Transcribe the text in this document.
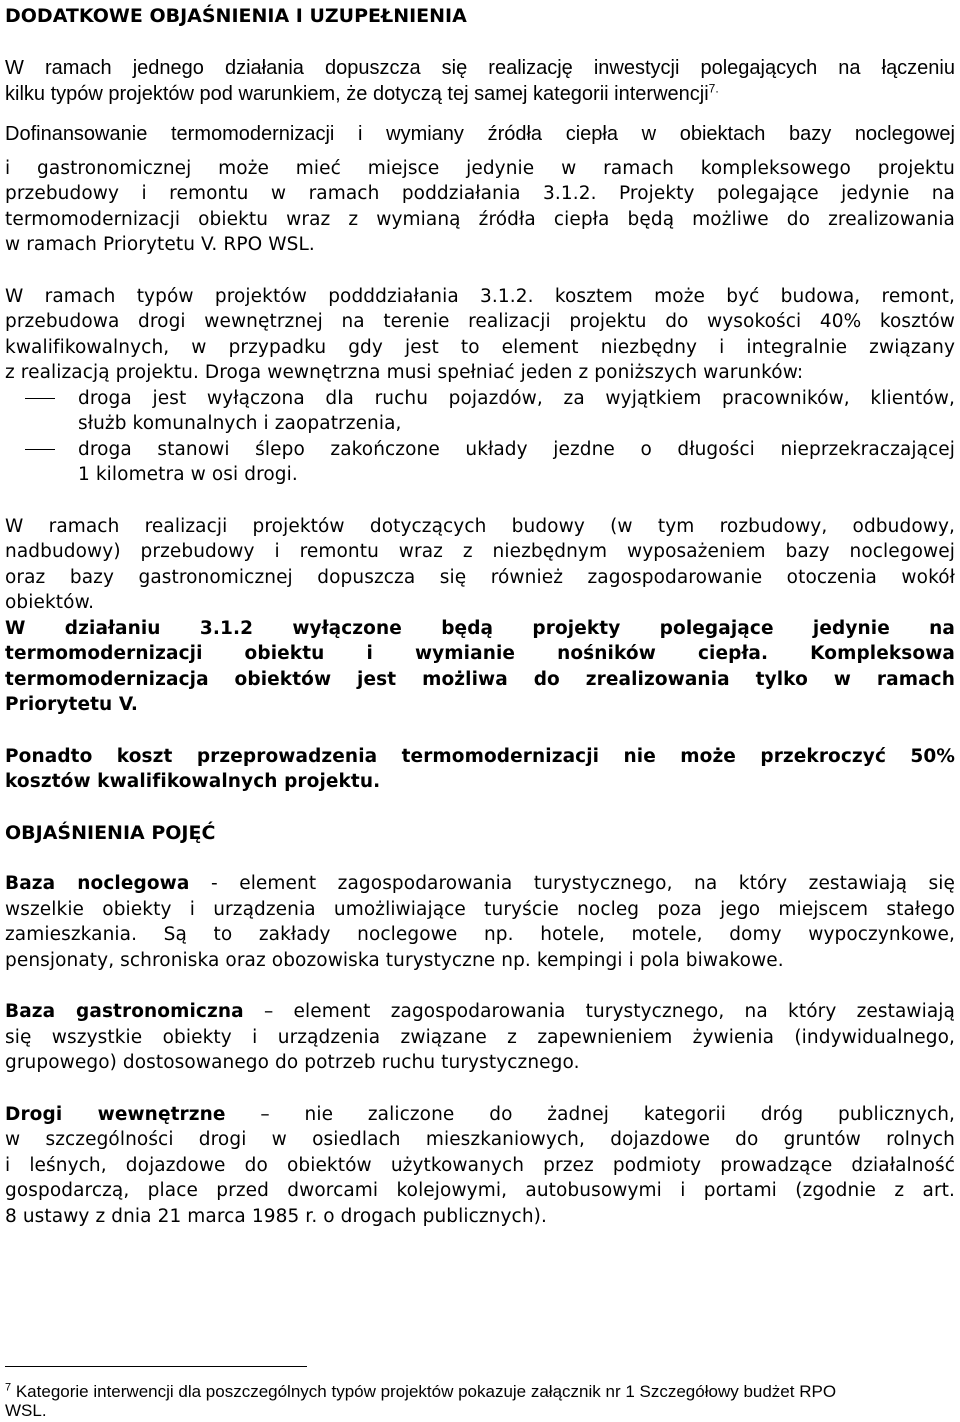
DODATKOWE OBJAŚNIENIA I UZUPEŁNIENIA
W ramach jednego działania dopuszcza się realizację inwestycji polegających na łączeniu
kilku typów projektów pod warunkiem, że dotyczą tej samej kategorii interwencji$^{7.}$
Dofinansowanie termomodernizacji i wymiany źródła ciepła w obiektach bazy noclegowej
i gastronomicznej może mieć miejsce jedynie w ramach kompleksowego projektu
przebudowy i remontu w ramach poddziałania 3.1.2. Projekty polegające jedynie na
termomodernizacji obiektu wraz z wymianą źródła ciepła będą możliwe do zrealizowania
w ramach Priorytetu V. RPO WSL.
W ramach typów projektów podddziałania 3.1.2. kosztem może być budowa, remont,
przebudowa drogi wewnętrznej na terenie realizacji projektu do wysokości 40% kosztów
kwalifikowalnych, w przypadku gdy jest to element niezbędny i integralnie związany
z realizacją projektu. Droga wewnętrzna musi spełniać jeden z poniższych warunków:
droga jest wyłączona dla ruchu pojazdów, za wyjątkiem pracowników, klientów,
służb komunalnych i zaopatrzenia,
droga stanowi ślepo zakończone układy jezdne o długości nieprzekraczającej
1 kilometra w osi drogi.
W ramach realizacji projektów dotyczących budowy (w tym rozbudowy, odbudowy,
nadbudowy) przebudowy i remontu wraz z niezbędnym wyposażeniem bazy noclegowej
oraz bazy gastronomicznej dopuszcza się również zagospodarowanie otoczenia wokół
obiektów.
W działaniu 3.1.2 wyłączone będą projekty polegające jedynie na
termomodernizacji obiektu i wymianie nośników ciepła. Kompleksowa
termomodernizacja obiektów jest możliwa do zrealizowania tylko w ramach
Priorytetu V.
Ponadto koszt przeprowadzenia termomodernizacji nie może przekroczyć 50%
kosztów kwalifikowalnych projektu.
OBJAŚNIENIA POJĘĆ
Baza noclegowa - element zagospodarowania turystycznego, na który zestawiają się
wszelkie obiekty i urządzenia umożliwiające turyście nocleg poza jego miejscem stałego
zamieszkania. Są to zakłady noclegowe np. hotele, motele, domy wypoczynkowe,
pensjonaty, schroniska oraz obozowiska turystyczne np. kempingi i pola biwakowe.
Baza gastronomiczna – element zagospodarowania turystycznego, na który zestawiają
się wszystkie obiekty i urządzenia związane z zapewnieniem żywienia (indywidualnego,
grupowego) dostosowanego do potrzeb ruchu turystycznego.
Drogi wewnętrzne – nie zaliczone do żadnej kategorii dróg publicznych,
w szczególności drogi w osiedlach mieszkaniowych, dojazdowe do gruntów rolnych
i leśnych, dojazdowe do obiektów użytkowanych przez podmioty prowadzące działalność
gospodarczą, place przed dworcami kolejowymi, autobusowymi i portami (zgodnie z art.
8 ustawy z dnia 21 marca 1985 r. o drogach publicznych).
$^7$ Kategorie interwencji dla poszczególnych typów projektów pokazuje załącznik nr 1 Szczegółowy budżet RPO
WSL.
